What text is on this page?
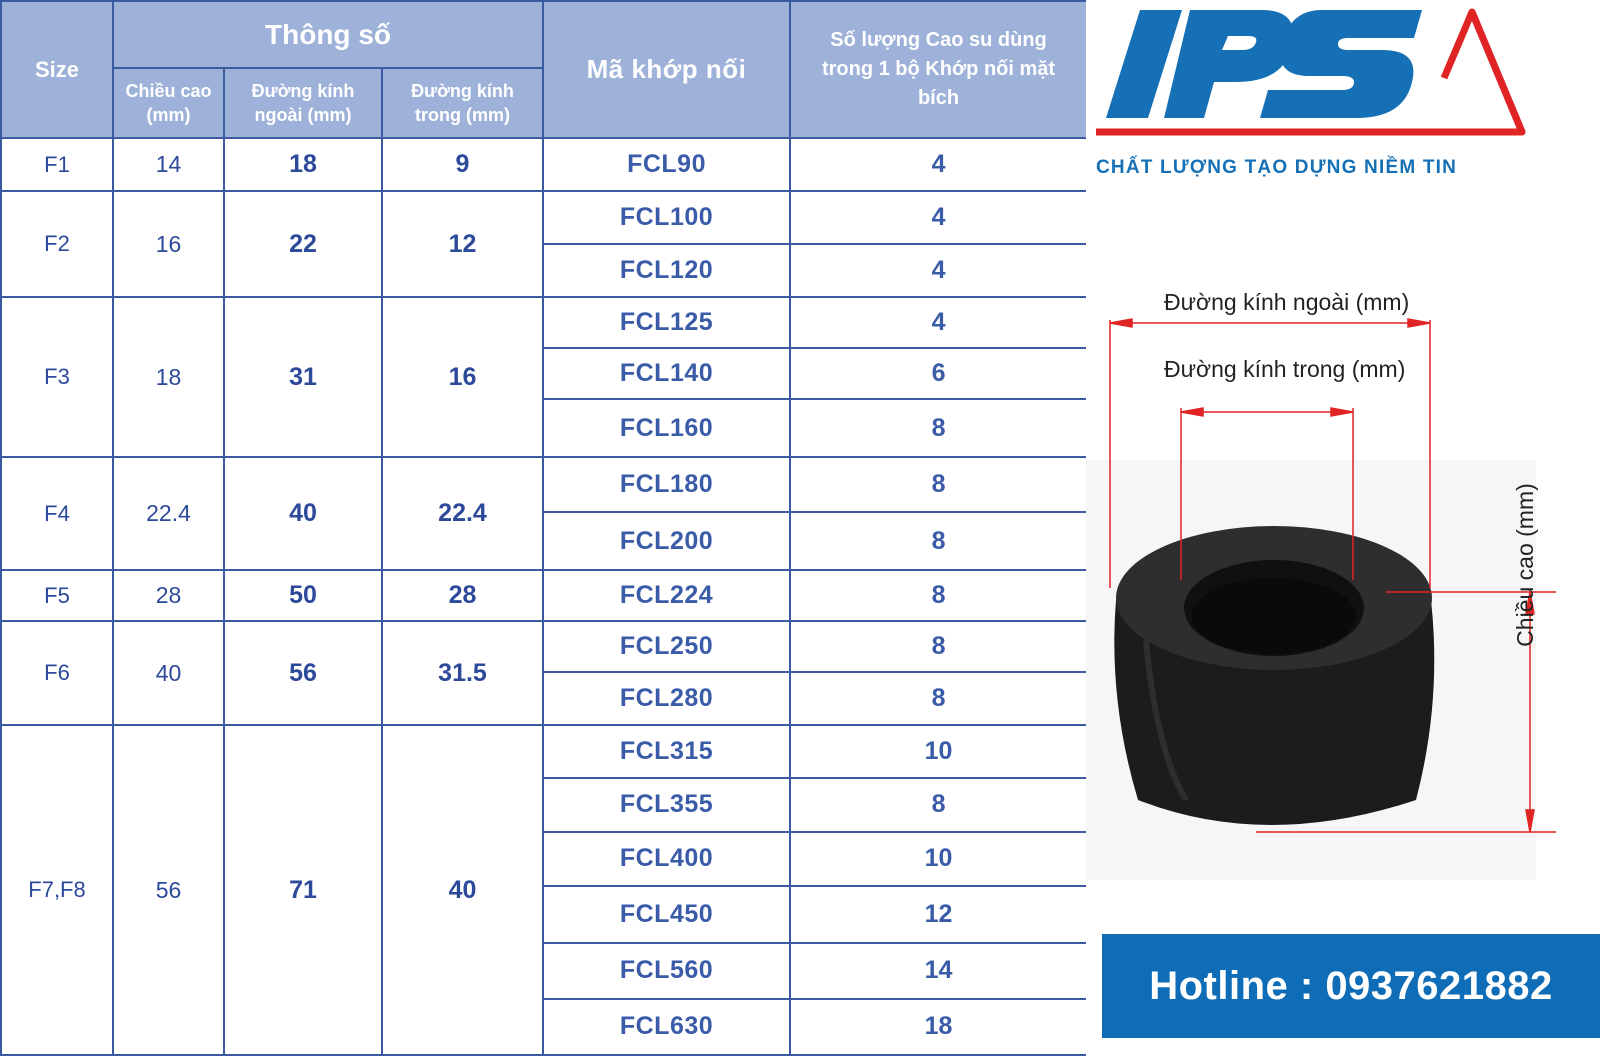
Size	Thông số			Mã khớp nối	Số lượng Cao su dùng trong 1 bộ Khớp nối mặt bích

	Chiều cao (mm)	Đường kính ngoài (mm)	Đường kính trong (mm)		

F1	14	18	9	FCL90	4
F2	16	22	12	FCL100	4
				FCL120	4
F3	18	31	16	FCL125	4
				FCL140	6
				FCL160	8
F4	22.4	40	22.4	FCL180	8
				FCL200	8
F5	28	50	28	FCL224	8
F6	40	56	31.5	FCL250	8
				FCL280	8
F7,F8	56	71	40	FCL315	10
				FCL355	8
				FCL400	10
				FCL450	12
				FCL560	14
				FCL630	18
CHẤT LƯỢNG TẠO DỰNG NIỀM TIN
Đường kính ngoài (mm)
Đường kính trong (mm)
Chiều cao (mm)
Hotline : 0937621882
